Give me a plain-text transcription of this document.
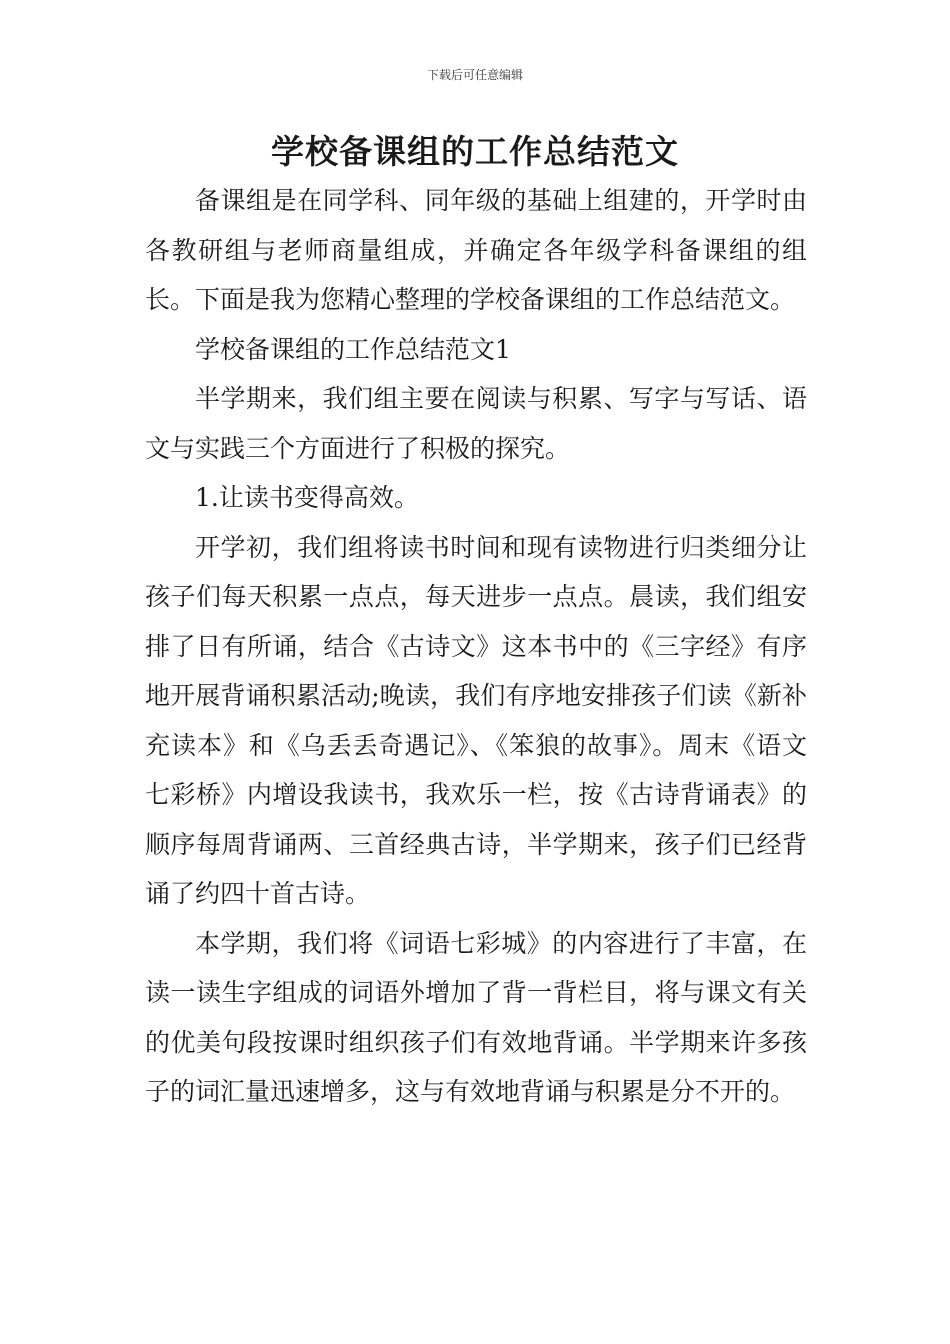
下载后可任意编辑
学校备课组的工作总结范文

备课组是在同学科、同年级的基础上组建的，开学时由各教研组与老师商量组成，并确定各年级学科备课组的组长。下面是我为您精心整理的学校备课组的工作总结范文。

学校备课组的工作总结范文1

半学期来，我们组主要在阅读与积累、写字与写话、语文与实践三个方面进行了积极的探究。

1.让读书变得高效。

开学初，我们组将读书时间和现有读物进行归类细分让孩子们每天积累一点点，每天进步一点点。晨读，我们组安排了日有所诵，结合《古诗文》这本书中的《三字经》有序地开展背诵积累活动;晚读，我们有序地安排孩子们读《新补充读本》和《乌丢丢奇遇记》、《笨狼的故事》。周末《语文七彩桥》内增设我读书，我欢乐一栏，按《古诗背诵表》的顺序每周背诵两、三首经典古诗，半学期来，孩子们已经背诵了约四十首古诗。

本学期，我们将《词语七彩城》的内容进行了丰富，在读一读生字组成的词语外增加了背一背栏目，将与课文有关的优美句段按课时组织孩子们有效地背诵。半学期来许多孩子的词汇量迅速增多，这与有效地背诵与积累是分不开的。
